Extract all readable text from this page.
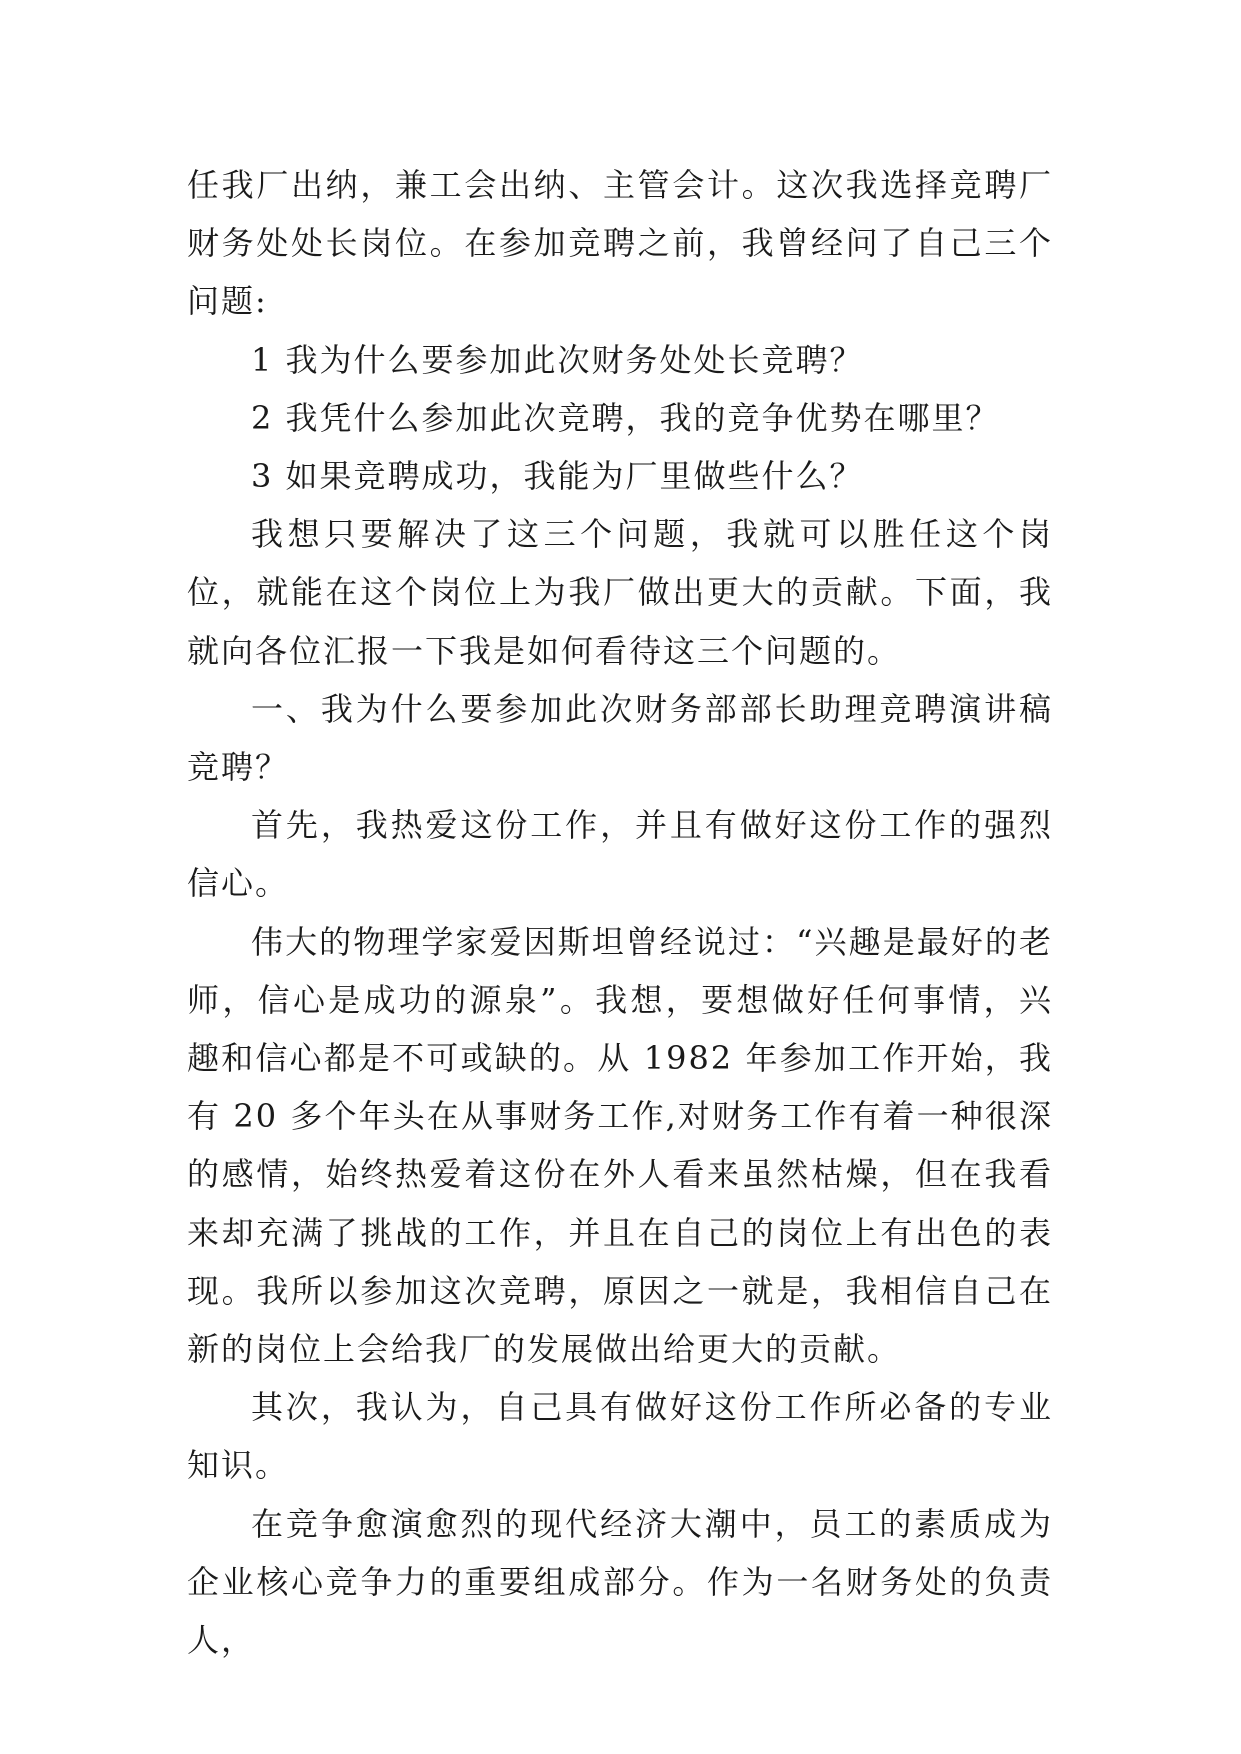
任我厂出纳，兼工会出纳、主管会计。这次我选择竞聘厂财务处处长岗位。在参加竞聘之前，我曾经问了自己三个问题:

1 我为什么要参加此次财务处处长竞聘？

2 我凭什么参加此次竞聘，我的竞争优势在哪里？

3 如果竞聘成功，我能为厂里做些什么？

我想只要解决了这三个问题，我就可以胜任这个岗位，就能在这个岗位上为我厂做出更大的贡献。下面，我就向各位汇报一下我是如何看待这三个问题的。

一、我为什么要参加此次财务部部长助理竞聘演讲稿竞聘？

首先，我热爱这份工作，并且有做好这份工作的强烈信心。

伟大的物理学家爱因斯坦曾经说过：“兴趣是最好的老师，信心是成功的源泉”。我想，要想做好任何事情，兴趣和信心都是不可或缺的。从 1982 年参加工作开始，我有 20 多个年头在从事财务工作,对财务工作有着一种很深的感情，始终热爱着这份在外人看来虽然枯燥，但在我看来却充满了挑战的工作，并且在自己的岗位上有出色的表现。我所以参加这次竞聘，原因之一就是，我相信自己在新的岗位上会给我厂的发展做出给更大的贡献。

其次，我认为，自己具有做好这份工作所必备的专业知识。

在竞争愈演愈烈的现代经济大潮中，员工的素质成为企业核心竞争力的重要组成部分。作为一名财务处的负责人，
